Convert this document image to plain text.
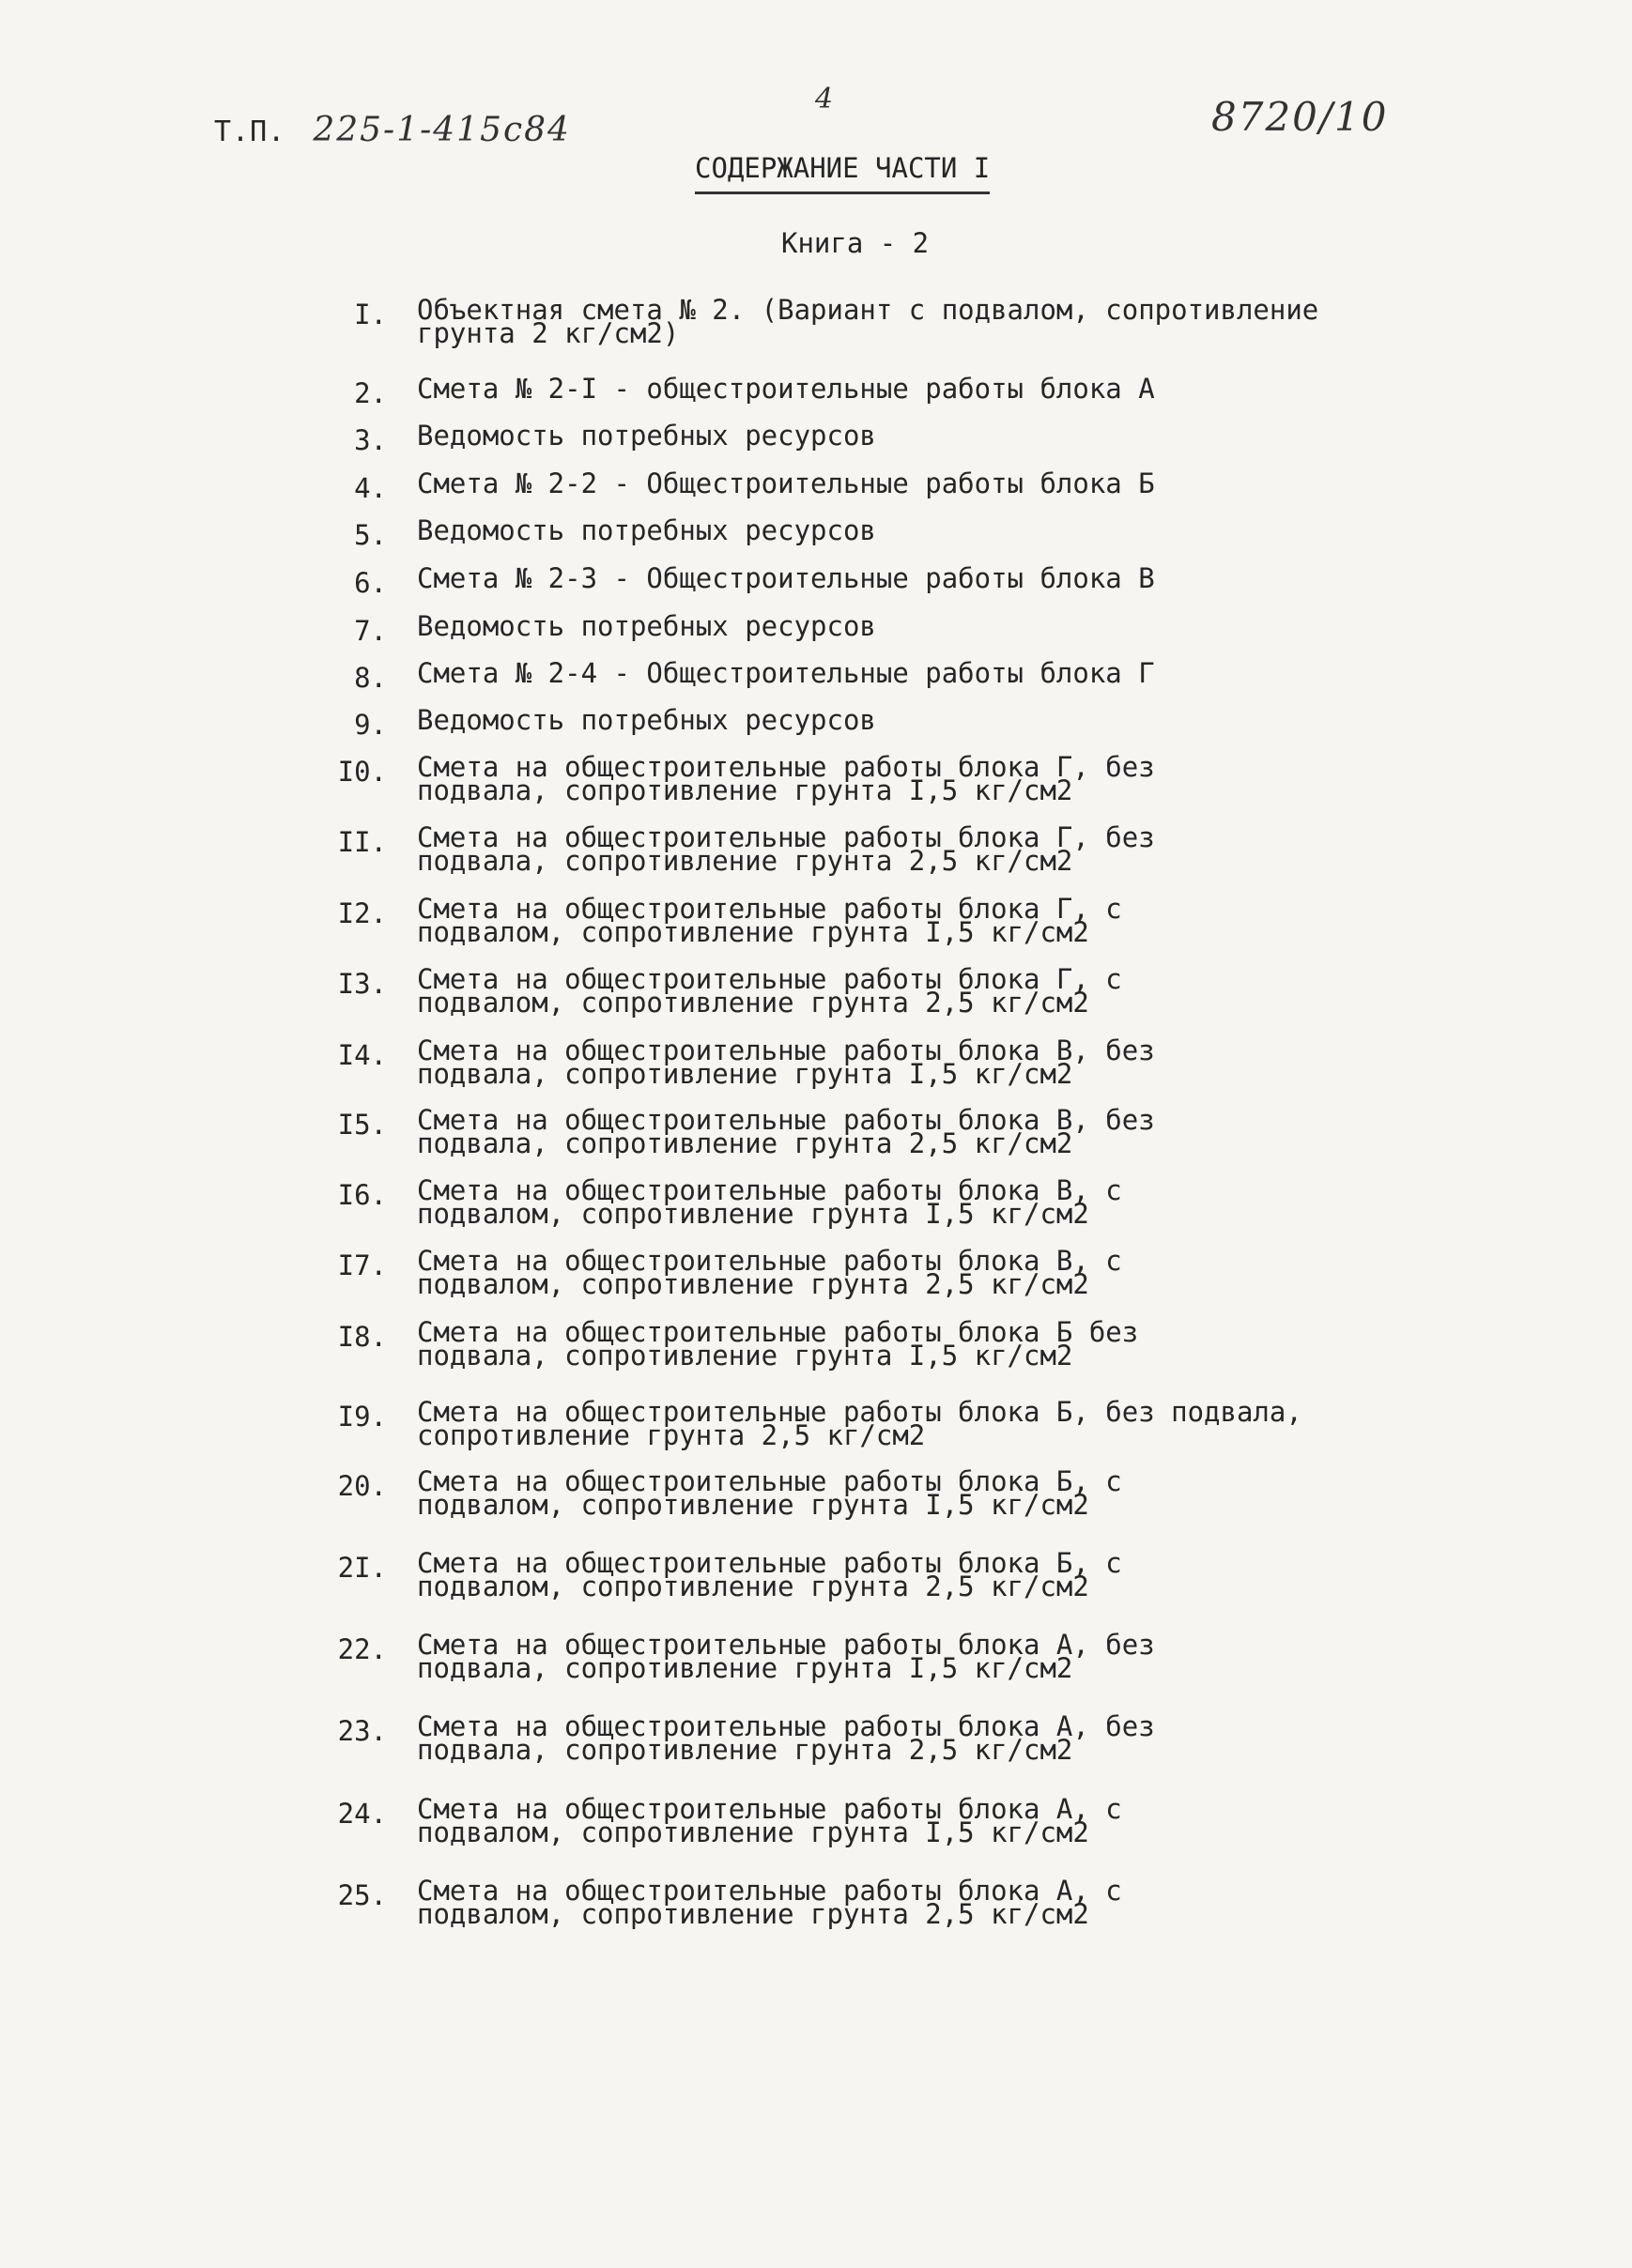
Т.П. 225-1-415с84
4	8720/10
СОДЕРЖАНИЕ ЧАСТИ I
Книга - 2
I. Объектная смета № 2. (Вариант с подвалом, сопротивление
грунта 2 кг/см2)
2. Смета № 2-I - общестроительные работы блока А
3. Ведомость потребных ресурсов
4. Смета № 2-2 - Общестроительные работы блока Б
5. Ведомость потребных ресурсов
6. Смета № 2-3 - Общестроительные работы блока В
7. Ведомость потребных ресурсов
8. Смета № 2-4 - Общестроительные работы блока Г
9. Ведомость потребных ресурсов
I0. Смета на общестроительные работы блока Г, без
подвала, сопротивление грунта I,5 кг/см2
II. Смета на общестроительные работы блока Г, без
подвала, сопротивление грунта 2,5 кг/см2
I2. Смета на общестроительные работы блока Г, с
подвалом, сопротивление грунта I,5 кг/см2
I3. Смета на общестроительные работы блока Г, с
подвалом, сопротивление грунта 2,5 кг/см2
I4. Смета на общестроительные работы блока В, без
подвала, сопротивление грунта I,5 кг/см2
I5. Смета на общестроительные работы блока В, без
подвала, сопротивление грунта 2,5 кг/см2
I6. Смета на общестроительные работы блока В, с
подвалом, сопротивление грунта I,5 кг/см2
I7. Смета на общестроительные работы блока В, с
подвалом, сопротивление грунта 2,5 кг/см2
I8. Смета на общестроительные работы блока Б без
подвала, сопротивление грунта I,5 кг/см2
I9. Смета на общестроительные работы блока Б, без подвала,
сопротивление грунта 2,5 кг/см2
20. Смета на общестроительные работы блока Б, с
подвалом, сопротивление грунта I,5 кг/см2
2I. Смета на общестроительные работы блока Б, с
подвалом, сопротивление грунта 2,5 кг/см2
22. Смета на общестроительные работы блока А, без
подвала, сопротивление грунта I,5 кг/см2
23. Смета на общестроительные работы блока А, без
подвала, сопротивление грунта 2,5 кг/см2
24. Смета на общестроительные работы блока А, с
подвалом, сопротивление грунта I,5 кг/см2
25. Смета на общестроительные работы блока А, с
подвалом, сопротивление грунта 2,5 кг/см2
